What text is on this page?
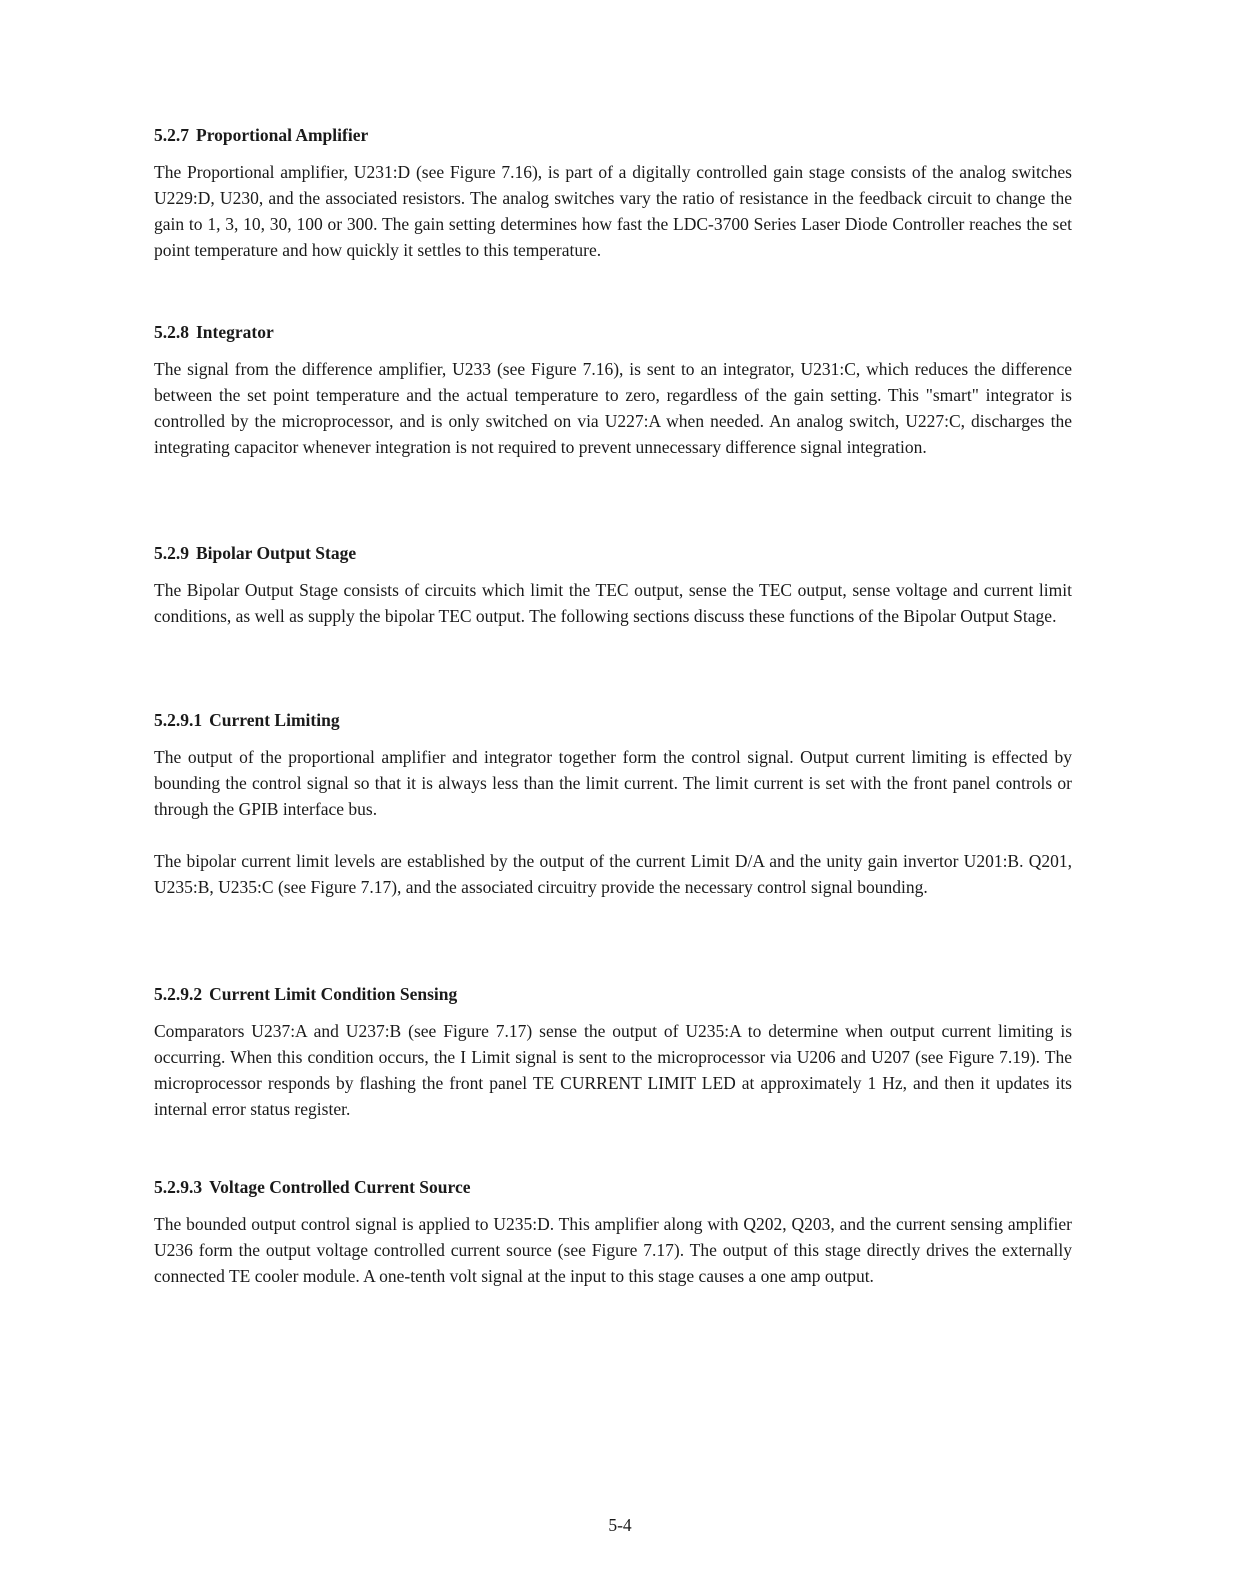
5.2.7 Proportional Amplifier

The Proportional amplifier, U231:D (see Figure 7.16), is part of a digitally controlled gain stage consists of the analog switches U229:D, U230, and the associated resistors. The analog switches vary the ratio of resistance in the feedback circuit to change the gain to 1, 3, 10, 30, 100 or 300. The gain setting determines how fast the LDC-3700 Series Laser Diode Controller reaches the set point temperature and how quickly it settles to this temperature.

5.2.8 Integrator

The signal from the difference amplifier, U233 (see Figure 7.16), is sent to an integrator, U231:C, which reduces the difference between the set point temperature and the actual temperature to zero, regardless of the gain setting. This "smart" integrator is controlled by the microprocessor, and is only switched on via U227:A when needed. An analog switch, U227:C, discharges the integrating capacitor whenever integration is not required to prevent unnecessary difference signal integration.

5.2.9 Bipolar Output Stage

The Bipolar Output Stage consists of circuits which limit the TEC output, sense the TEC output, sense voltage and current limit conditions, as well as supply the bipolar TEC output. The following sections discuss these functions of the Bipolar Output Stage.

5.2.9.1 Current Limiting

The output of the proportional amplifier and integrator together form the control signal. Output current limiting is effected by bounding the control signal so that it is always less than the limit current. The limit current is set with the front panel controls or through the GPIB interface bus.

The bipolar current limit levels are established by the output of the current Limit D/A and the unity gain invertor U201:B. Q201, U235:B, U235:C (see Figure 7.17), and the associated circuitry provide the necessary control signal bounding.

5.2.9.2 Current Limit Condition Sensing

Comparators U237:A and U237:B (see Figure 7.17) sense the output of U235:A to determine when output current limiting is occurring. When this condition occurs, the I Limit signal is sent to the microprocessor via U206 and U207 (see Figure 7.19). The microprocessor responds by flashing the front panel TE CURRENT LIMIT LED at approximately 1 Hz, and then it updates its internal error status register.

5.2.9.3 Voltage Controlled Current Source

The bounded output control signal is applied to U235:D. This amplifier along with Q202, Q203, and the current sensing amplifier U236 form the output voltage controlled current source (see Figure 7.17). The output of this stage directly drives the externally connected TE cooler module. A one-tenth volt signal at the input to this stage causes a one amp output.

5-4
